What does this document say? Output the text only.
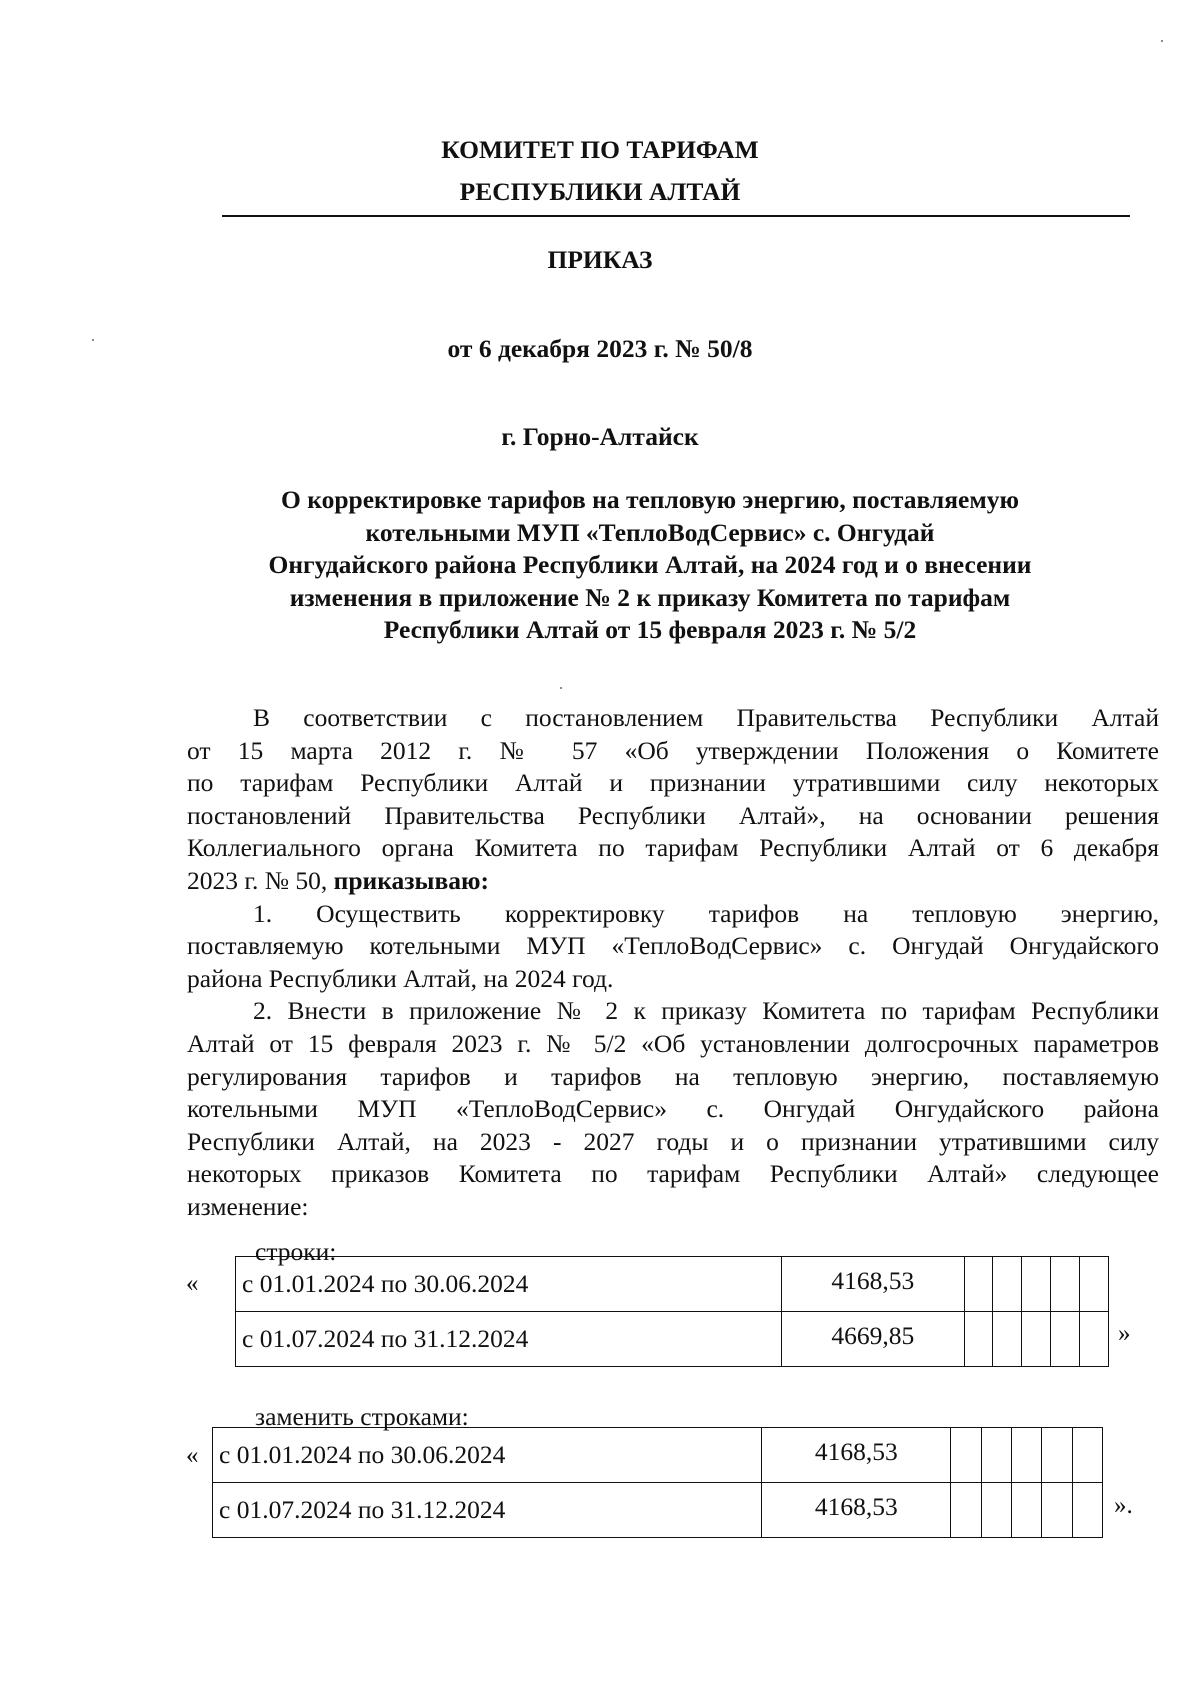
КОМИТЕТ ПО ТАРИФАМ
РЕСПУБЛИКИ АЛТАЙ
ПРИКАЗ
от 6 декабря 2023 г. № 50/8
г. Горно-Алтайск
О корректировке тарифов на тепловую энергию, поставляемую
котельными МУП «ТеплоВодСервис» с. Онгудай
Онгудайского района Республики Алтай, на 2024 год и о внесении
изменения в приложение № 2 к приказу Комитета по тарифам
Республики Алтай от 15 февраля 2023 г. № 5/2
В соответствии с постановлением Правительства Республики Алтай
от 15 марта 2012 г. № 57 «Об утверждении Положения о Комитете
по тарифам Республики Алтай и признании утратившими силу некоторых
постановлений Правительства Республики Алтай», на основании решения
Коллегиального органа Комитета по тарифам Республики Алтай от 6 декабря
2023 г. № 50, приказываю:
1. Осуществить корректировку тарифов на тепловую энергию,
поставляемую котельными МУП «ТеплоВодСервис» с. Онгудай Онгудайского
района Республики Алтай, на 2024 год.
2. Внести в приложение № 2 к приказу Комитета по тарифам Республики
Алтай от 15 февраля 2023 г. № 5/2 «Об установлении долгосрочных параметров
регулирования тарифов и тарифов на тепловую энергию, поставляемую
котельными МУП «ТеплоВодСервис» с. Онгудай Онгудайского района
Республики Алтай, на 2023 - 2027 годы и о признании утратившими силу
некоторых приказов Комитета по тарифам Республики Алтай» следующее
изменение:
строки:
« с 01.01.2024 по 30.06.2024	4168,53					
с 01.07.2024 по 31.12.2024	4669,85						»
заменить строками:
« с 01.01.2024 по 30.06.2024	4168,53					
с 01.07.2024 по 31.12.2024	4168,53						».
